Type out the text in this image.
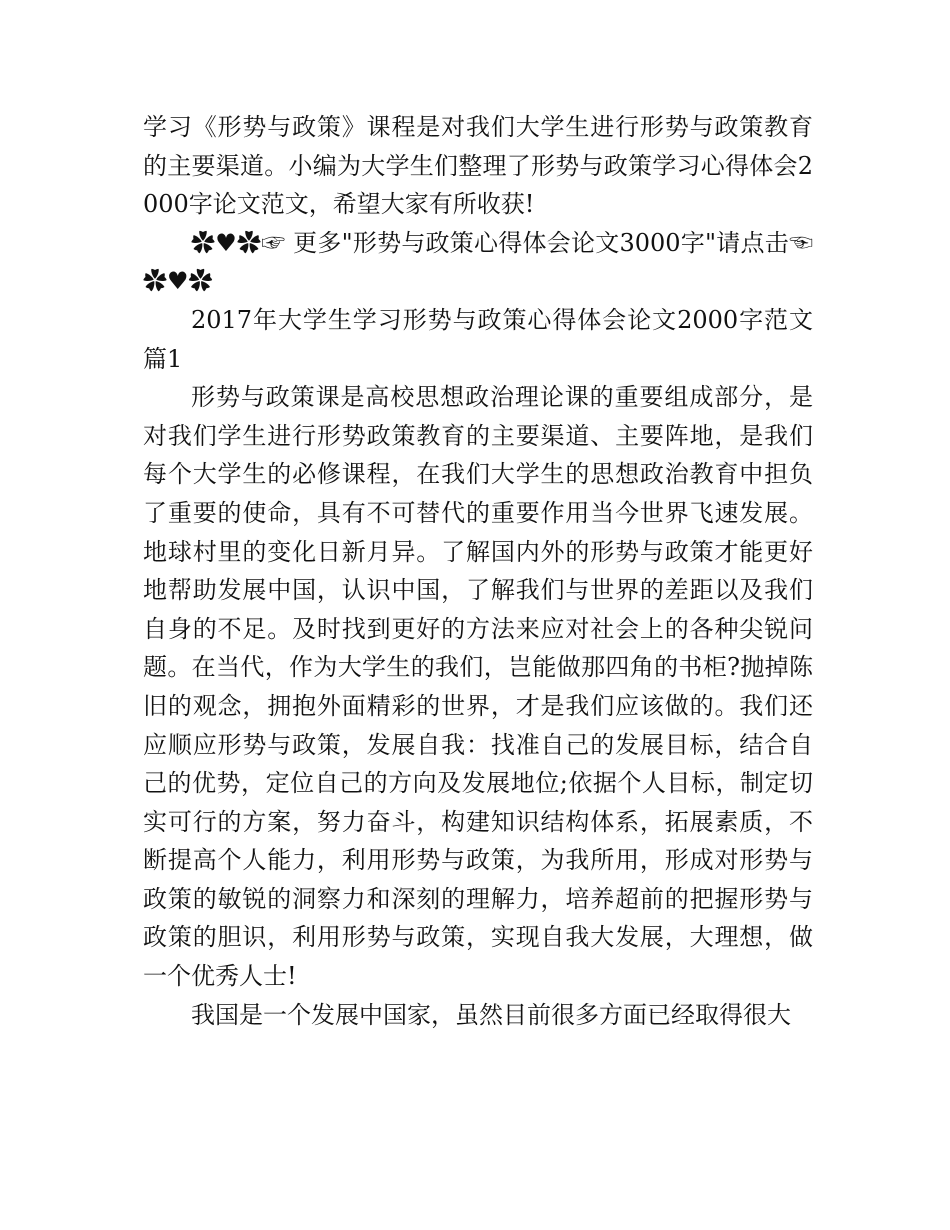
学习《形势与政策》课程是对我们大学生进行形势与政策教育的主要渠道。小编为大学生们整理了形势与政策学习心得体会2000字论文范文，希望大家有所收获!

✿♥✿☞ 更多"形势与政策心得体会论文3000字"请点击☜✿♥✿

2017年大学生学习形势与政策心得体会论文2000字范文篇1

形势与政策课是高校思想政治理论课的重要组成部分，是对我们学生进行形势政策教育的主要渠道、主要阵地，是我们每个大学生的必修课程，在我们大学生的思想政治教育中担负了重要的使命，具有不可替代的重要作用当今世界飞速发展。地球村里的变化日新月异。了解国内外的形势与政策才能更好地帮助发展中国，认识中国，了解我们与世界的差距以及我们自身的不足。及时找到更好的方法来应对社会上的各种尖锐问题。在当代，作为大学生的我们，岂能做那四角的书柜?抛掉陈旧的观念，拥抱外面精彩的世界，才是我们应该做的。我们还应顺应形势与政策，发展自我：找准自己的发展目标，结合自己的优势，定位自己的方向及发展地位;依据个人目标，制定切实可行的方案，努力奋斗，构建知识结构体系，拓展素质，不断提高个人能力，利用形势与政策，为我所用，形成对形势与政策的敏锐的洞察力和深刻的理解力，培养超前的把握形势与政策的胆识，利用形势与政策，实现自我大发展，大理想，做一个优秀人士!

我国是一个发展中国家，虽然目前很多方面已经取得很大
